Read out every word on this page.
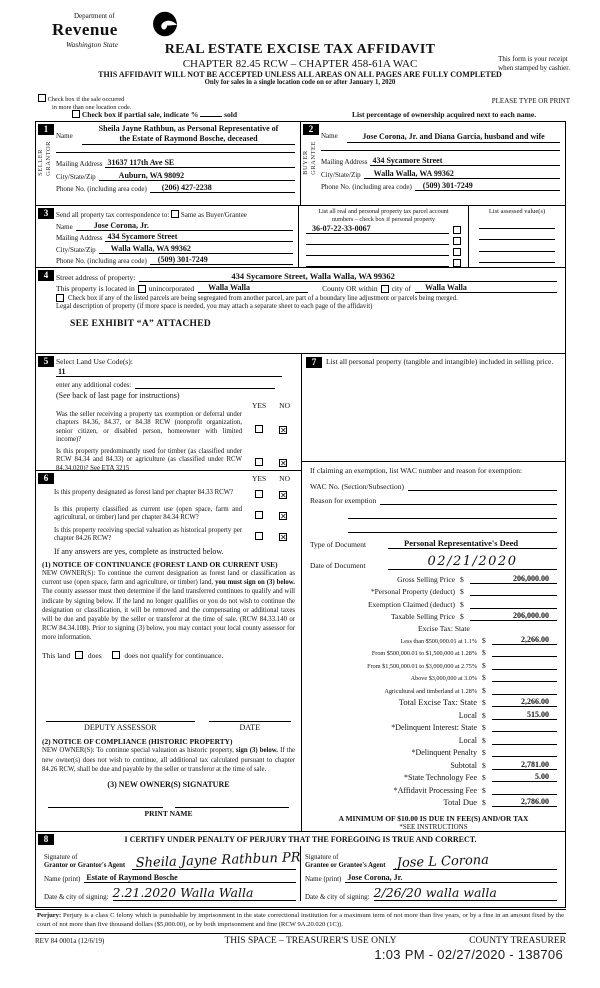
Department of
Revenue
Washington State	REAL ESTATE EXCISE TAX AFFIDAVIT
CHAPTER 82.45 RCW – CHAPTER 458-61A WAC
THIS AFFIDAVIT WILL NOT BE ACCEPTED UNLESS ALL AREAS ON ALL PAGES ARE FULLY COMPLETED
Only for sales in a single location code on or after January 1, 2020
This form is your receipt
when stamped by cashier.
PLEASE TYPE OR PRINT
Check box if the sale occurred
in more than one location code.
Check box if partial sale, indicate %	sold	List percentage of ownership acquired next to each name.
1
SELLER GRANTOR
Name
Sheila Jayne Rathbun, as Personal Representative of
the Estate of Raymond Bosche, deceased
Mailing Address 31637 117th Ave SE
City/State/Zip	Auburn, WA 98092
Phone No. (including area code) (206) 427-2238
2
BUYER GRANTEE
Name	Jose Corona, Jr. and Diana Garcia, husband and wife
Mailing Address 434 Sycamore Street
City/State/Zip Walla Walla, WA 99362
Phone No. (including area code) (509) 301-7249
3	Send all property tax correspondence to: Same as Buyer/Grantee
Name	Jose Corona, Jr.
Mailing Address 434 Sycamore Street
City/State/Zip Walla Walla, WA 99362
Phone No. (including area code) (509) 301-7249
List all real and personal property tax parcel account
numbers – check box if personal property
36-07-22-33-0067
List assessed value(s)
4	Street address of property:	434 Sycamore Street, Walla Walla, WA 99362
This property is located in unincorporated Walla Walla	County OR within city of Walla Walla
Check box if any of the listed parcels are being segregated from another parcel, are part of a boundary line adjustment or parcels being merged.
Legal description of property (if more space is needed, you may attach a separate sheet to each page of the affidavit)
SEE EXHIBIT “A” ATTACHED
5	Select Land Use Code(s):
11
enter any additional codes:
(See back of last page for instructions)
YES NO
Was the seller receiving a property tax exemption or deferral under chapters 84.36, 84.37, or 84.38 RCW (nonprofit organization, senior citizen, or disabled person, homeowner with limited income)?
✕
Is this property predominantly used for timber (as classified under RCW 84.34 and 84.33) or agriculture (as classified under RCW 84.34.020)? See ETA 3215
✕
6	YES NO
Is this property designated as forest land per chapter 84.33 RCW?	✕
Is this property classified as current use (open space, farm and agricultural, or timber) land per chapter 84.34 RCW?	✕
Is this property receiving special valuation as historical property per chapter 84.26 RCW?	✕
If any answers are yes, complete as instructed below.
(1) NOTICE OF CONTINUANCE (FOREST LAND OR CURRENT USE)
NEW OWNER(S): To continue the current designation as forest land or classification as current use (open space, farm and agriculture, or timber) land, you must sign on (3) below. The county assessor must then determine if the land transferred continues to qualify and will indicate by signing below. If the land no longer qualifies or you do not wish to continue the designation or classification, it will be removed and the compensating or additional taxes will be due and payable by the seller or transferor at the time of sale. (RCW 84.33.140 or RCW 84.34.108). Prior to signing (3) below, you may contact your local county assessor for more information.
This land does	does not qualify for continuance.
DEPUTY ASSESSOR	DATE
(2) NOTICE OF COMPLIANCE (HISTORIC PROPERTY)
NEW OWNER(S): To continue special valuation as historic property, sign (3) below. If the new owner(s) does not wish to continue, all additional tax calculated pursuant to chapter 84.26 RCW, shall be due and payable by the seller or transferor at the time of sale.
(3) NEW OWNER(S) SIGNATURE
PRINT NAME
7	List all personal property (tangible and intangible) included in selling price.
If claiming an exemption, list WAC number and reason for exemption:
WAC No. (Section/Subsection)
Reason for exemption
Type of Document	Personal Representative's Deed
Date of Document	02/21/2020
Gross Selling Price $	206,000.00
*Personal Property (deduct) $
Exemption Claimed (deduct) $
Taxable Selling Price $	206,000.00
Excise Tax: State
Less than $500,000.01 at 1.1% $	2,266.00
From $500,000.01 to $1,500,000 at 1.28% $
From $1,500,000.01 to $3,000,000 at 2.75% $
Above $3,000,000 at 3.0% $
Agricultural and timberland at 1.28% $
Total Excise Tax: State $	2,266.00
Local $	515.00
*Delinquent Interest: State $
Local $
*Delinquent Penalty $
Subtotal $	2,781.00
*State Technology Fee $	5.00
*Affidavit Processing Fee $
Total Due $	2,786.00
A MINIMUM OF $10.00 IS DUE IN FEE(S) AND/OR TAX
*SEE INSTRUCTIONS
8	I CERTIFY UNDER PENALTY OF PERJURY THAT THE FOREGOING IS TRUE AND CORRECT.
Signature of
Grantor or Grantor's Agent Sheila Jayne Rathbun PR
Name (print) Estate of Raymond Bosche
Date & city of signing: 2.21.2020 Walla Walla
Signature of
Grantee or Grantee's Agent Jose L Corona
Name (print) Jose Corona, Jr.
Date & city of signing: 2/26/20 walla walla
Perjury: Perjury is a class C felony which is punishable by imprisonment in the state correctional institution for a maximum term of not more than five years, or by a fine in an amount fixed by the court of not more than five thousand dollars ($5,000.00), or by both imprisonment and fine (RCW 9A.20.020 (1C)).
REV 84 0001a (12/6/19)	THIS SPACE – TREASURER'S USE ONLY	COUNTY TREASURER
1:03 PM - 02/27/2020 - 138706
